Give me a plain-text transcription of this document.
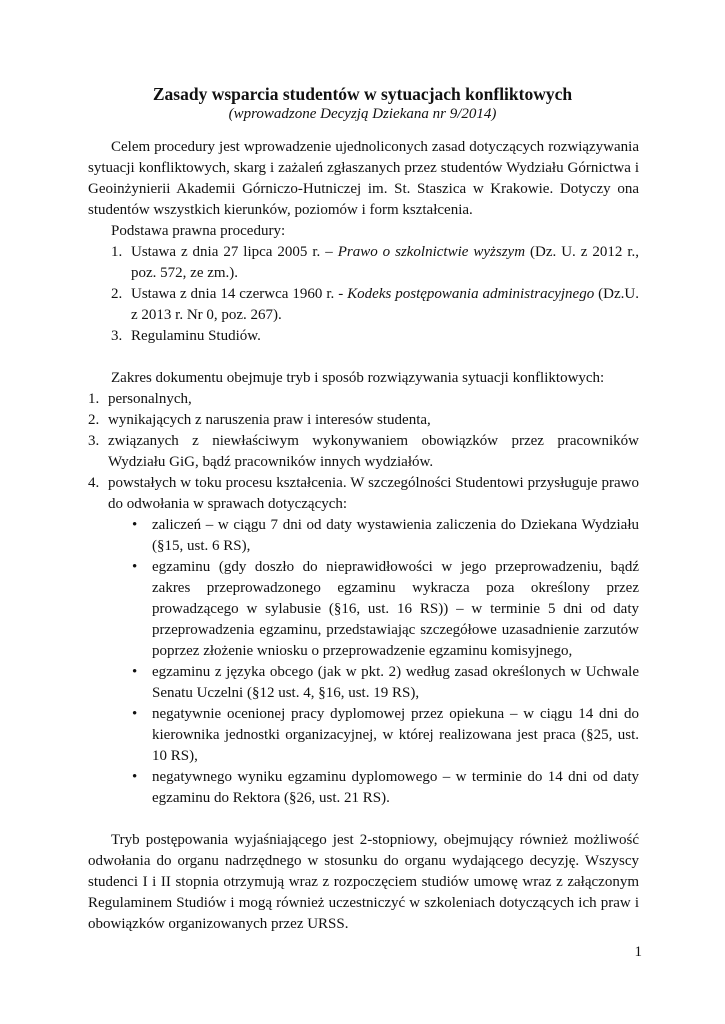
Zasady wsparcia studentów w sytuacjach konfliktowych
(wprowadzone Decyzją Dziekana nr 9/2014)

Celem procedury jest wprowadzenie ujednoliconych zasad dotyczących rozwiązywania sytuacji konfliktowych, skarg i zażaleń zgłaszanych przez studentów Wydziału Górnictwa i Geoinżynierii Akademii Górniczo-Hutniczej im. St. Staszica w Krakowie. Dotyczy ona studentów wszystkich kierunków, poziomów i form kształcenia.

Podstawa prawna procedury:

1. Ustawa z dnia 27 lipca 2005 r. – Prawo o szkolnictwie wyższym (Dz. U. z 2012 r., poz. 572, ze zm.).
2. Ustawa z dnia 14 czerwca 1960 r. - Kodeks postępowania administracyjnego (Dz.U. z 2013 r. Nr 0, poz. 267).
3. Regulaminu Studiów.

Zakres dokumentu obejmuje tryb i sposób rozwiązywania sytuacji konfliktowych:

1. personalnych,
2. wynikających z naruszenia praw i interesów studenta,
3. związanych z niewłaściwym wykonywaniem obowiązków przez pracowników Wydziału GiG, bądź pracowników innych wydziałów.
4. powstałych w toku procesu kształcenia. W szczególności Studentowi przysługuje prawo do odwołania w sprawach dotyczących:
• zaliczeń – w ciągu 7 dni od daty wystawienia zaliczenia do Dziekana Wydziału (§15, ust. 6 RS),
• egzaminu (gdy doszło do nieprawidłowości w jego przeprowadzeniu, bądź zakres przeprowadzonego egzaminu wykracza poza określony przez prowadzącego w sylabusie (§16, ust. 16 RS)) – w terminie 5 dni od daty przeprowadzenia egzaminu, przedstawiając szczegółowe uzasadnienie zarzutów poprzez złożenie wniosku o przeprowadzenie egzaminu komisyjnego,
• egzaminu z języka obcego (jak w pkt. 2) według zasad określonych w Uchwale Senatu Uczelni (§12 ust. 4, §16, ust. 19 RS),
• negatywnie ocenionej pracy dyplomowej przez opiekuna – w ciągu 14 dni do kierownika jednostki organizacyjnej, w której realizowana jest praca (§25, ust. 10 RS),
• negatywnego wyniku egzaminu dyplomowego – w terminie do 14 dni od daty egzaminu do Rektora (§26, ust. 21 RS).

Tryb postępowania wyjaśniającego jest 2-stopniowy, obejmujący również możliwość odwołania do organu nadrzędnego w stosunku do organu wydającego decyzję. Wszyscy studenci I i II stopnia otrzymują wraz z rozpoczęciem studiów umowę wraz z załączonym Regulaminem Studiów i mogą również uczestniczyć w szkoleniach dotyczących ich praw i obowiązków organizowanych przez URSS.

1
